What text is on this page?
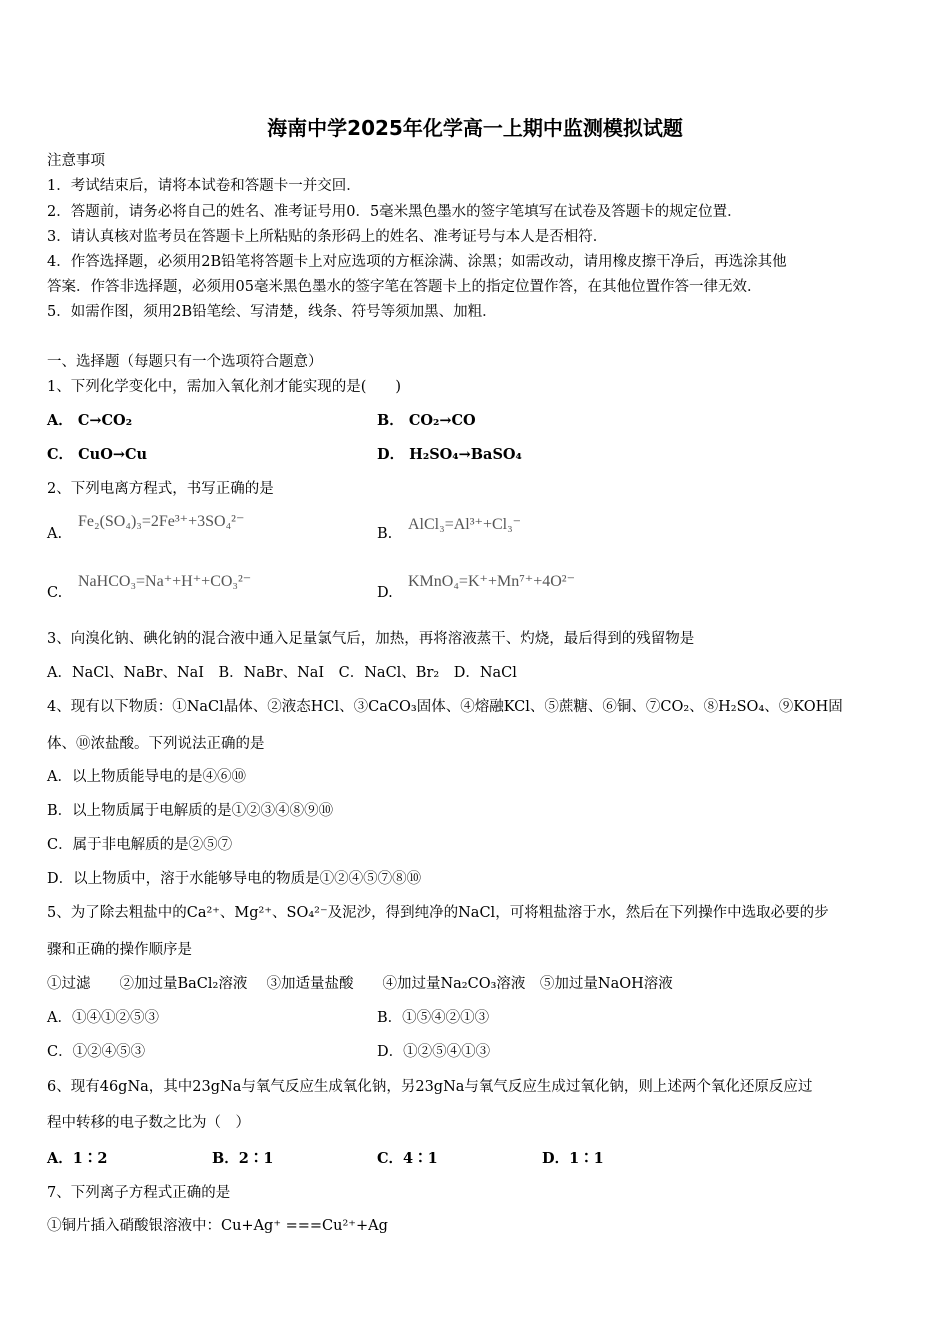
海南中学2025年化学高一上期中监测模拟试题
注意事项
1．考试结束后，请将本试卷和答题卡一并交回．
2．答题前，请务必将自己的姓名、准考证号用0．5毫米黑色墨水的签字笔填写在试卷及答题卡的规定位置．
3．请认真核对监考员在答题卡上所粘贴的条形码上的姓名、准考证号与本人是否相符．
4．作答选择题，必须用2B铅笔将答题卡上对应选项的方框涂满、涂黑；如需改动，请用橡皮擦干净后，再选涂其他
答案．作答非选择题，必须用05毫米黑色墨水的签字笔在答题卡上的指定位置作答，在其他位置作答一律无效．
5．如需作图，须用2B铅笔绘、写清楚，线条、符号等须加黑、加粗．
一、选择题（每题只有一个选项符合题意）
1、下列化学变化中，需加入氧化剂才能实现的是(　　)
A． C→CO₂	B． CO₂→CO
C． CuO→Cu	D． H₂SO₄→BaSO₄
2、下列电离方程式，书写正确的是
A.
Fe₂(SO₄)₃=2Fe³⁺+3SO₄²⁻
B.
AlCl₃=Al³⁺+Cl₃⁻
C.
NaHCO₃=Na⁺+H⁺+CO₃²⁻
D.
KMnO₄=K⁺+Mn⁷⁺+4O²⁻
3、向溴化钠、碘化钠的混合液中通入足量氯气后，加热，再将溶液蒸干、灼烧，最后得到的残留物是
A．NaCl、NaBr、NaI　B．NaBr、NaI　C．NaCl、Br₂　D．NaCl
4、现有以下物质：①NaCl晶体、②液态HCl、③CaCO₃固体、④熔融KCl、⑤蔗糖、⑥铜、⑦CO₂、⑧H₂SO₄、⑨KOH固
体、⑩浓盐酸。下列说法正确的是
A．以上物质能导电的是④⑥⑩
B．以上物质属于电解质的是①②③④⑧⑨⑩
C．属于非电解质的是②⑤⑦
D．以上物质中，溶于水能够导电的物质是①②④⑤⑦⑧⑩
5、为了除去粗盐中的Ca²⁺、Mg²⁺、SO₄²⁻及泥沙，得到纯净的NaCl，可将粗盐溶于水，然后在下列操作中选取必要的步
骤和正确的操作顺序是
①过滤　　②加过量BaCl₂溶液　 ③加适量盐酸　　④加过量Na₂CO₃溶液　⑤加过量NaOH溶液
A．①④①②⑤③	B．①⑤④②①③
C．①②④⑤③	D．①②⑤④①③
6、现有46gNa，其中23gNa与氧气反应生成氧化钠，另23gNa与氧气反应生成过氧化钠，则上述两个氧化还原反应过
程中转移的电子数之比为（　）
A．1∶2	B．2∶1	C．4∶1	D．1∶1
7、下列离子方程式正确的是
①铜片插入硝酸银溶液中：Cu+Ag⁺ ===Cu²⁺+Ag
